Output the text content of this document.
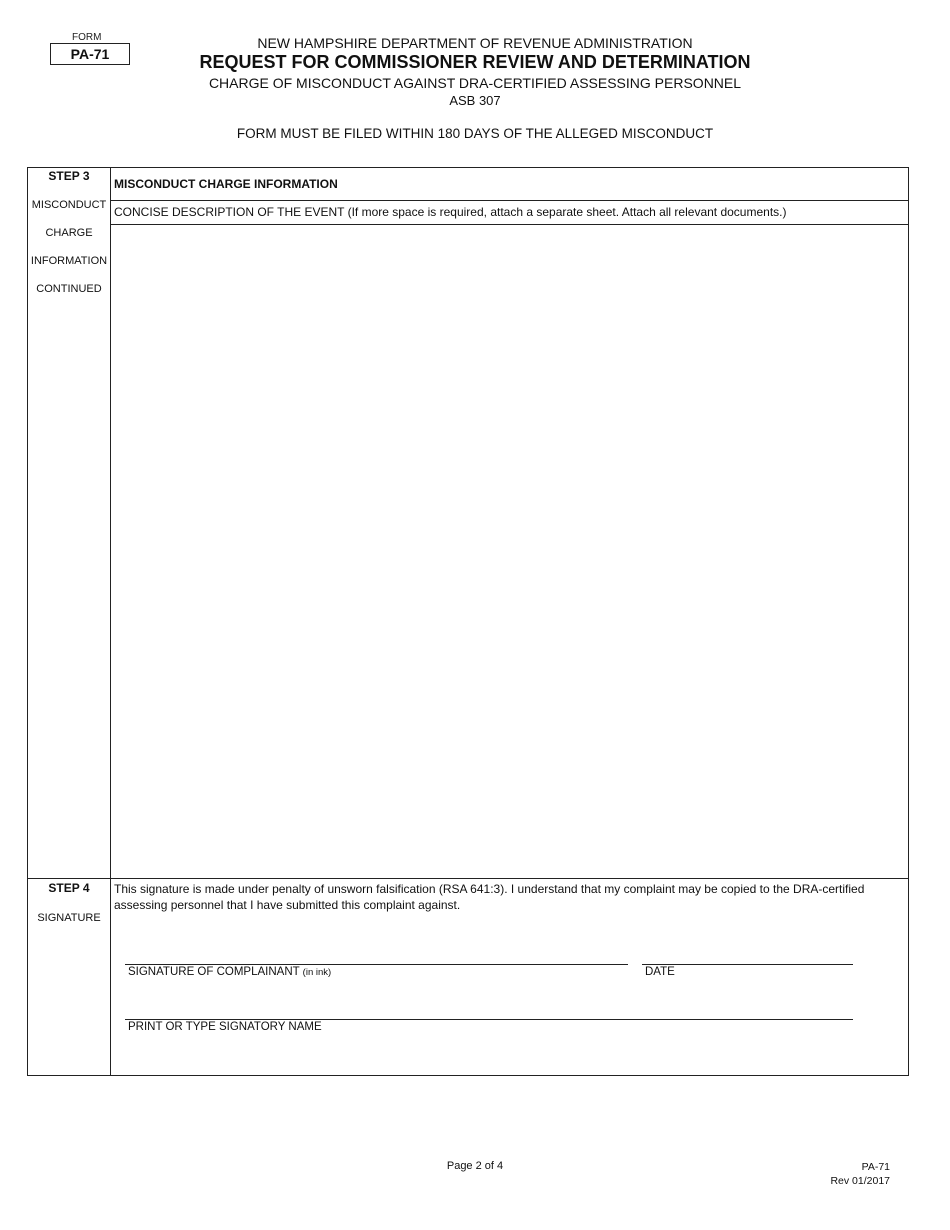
FORM
PA-71
NEW HAMPSHIRE DEPARTMENT OF REVENUE ADMINISTRATION
REQUEST FOR COMMISSIONER REVIEW AND DETERMINATION
CHARGE OF MISCONDUCT AGAINST DRA-CERTIFIED ASSESSING PERSONNEL
ASB 307
FORM MUST BE FILED WITHIN 180 DAYS OF THE ALLEGED MISCONDUCT
STEP 3
MISCONDUCT
CHARGE
INFORMATION
CONTINUED
MISCONDUCT CHARGE INFORMATION
CONCISE DESCRIPTION OF THE EVENT (If more space is required, attach a separate sheet. Attach all relevant documents.)
STEP 4
SIGNATURE
This signature is made under penalty of unsworn falsification (RSA 641:3). I understand that my complaint may be copied to the DRA-certified assessing personnel that I have submitted this complaint against.
SIGNATURE OF COMPLAINANT (in ink)	DATE
PRINT OR TYPE SIGNATORY NAME
Page 2 of 4	PA-71
Rev 01/2017
